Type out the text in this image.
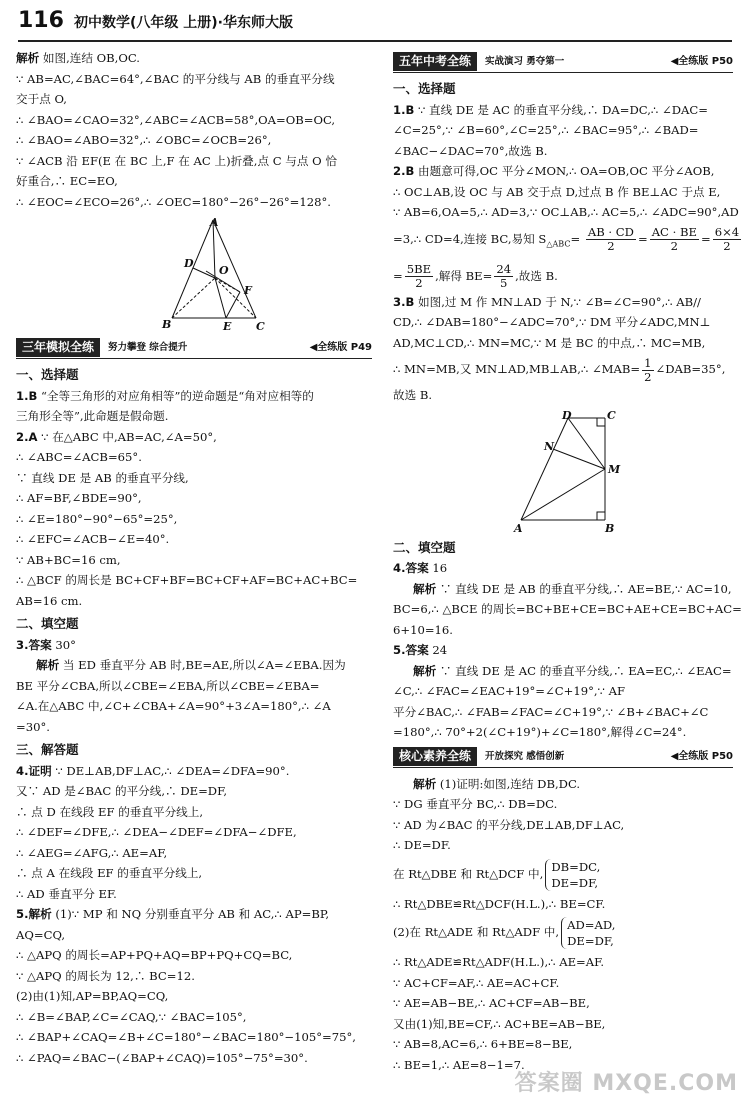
116 初中数学(八年级 上册)·华东师大版
解析 如图,连结 OB,OC.
∵ AB=AC,∠BAC=64°,∠BAC 的平分线与 AB 的垂直平分线
交于点 O,
∴ ∠BAO=∠CAO=32°,∠ABC=∠ACB=58°,OA=OB=OC,
∴ ∠BAO=∠ABO=32°,∴ ∠OBC=∠OCB=26°,
∵ ∠ACB 沿 EF(E 在 BC 上,F 在 AC 上)折叠,点 C 与点 O 恰
好重合,∴ EC=EO,
∴ ∠EOC=∠ECO=26°,∴ ∠OEC=180°−26°−26°=128°.
A
D
O
F
B	E C
三年模拟全练	努力攀登 综合提升	◀全练版 P49
一、选择题
1.B “全等三角形的对应角相等”的逆命题是“角对应相等的
三角形全等”,此命题是假命题.
2.A ∵ 在△ABC 中,AB=AC,∠A=50°,
∴ ∠ABC=∠ACB=65°.
∵ 直线 DE 是 AB 的垂直平分线,
∴ AF=BF,∠BDE=90°,
∴ ∠E=180°−90°−65°=25°,
∴ ∠EFC=∠ACB−∠E=40°.
∵ AB+BC=16 cm,
∴ △BCF 的周长是 BC+CF+BF=BC+CF+AF=BC+AC+BC=
AB=16 cm.
二、填空题
3.答案 30°
解析 当 ED 垂直平分 AB 时,BE=AE,所以∠A=∠EBA.因为
BE 平分∠CBA,所以∠CBE=∠EBA,所以∠CBE=∠EBA=
∠A.在△ABC 中,∠C+∠CBA+∠A=90°+3∠A=180°,∴ ∠A
=30°.
三、解答题
4.证明 ∵ DE⊥AB,DF⊥AC,∴ ∠DEA=∠DFA=90°.
又∵ AD 是∠BAC 的平分线,∴ DE=DF,
∴ 点 D 在线段 EF 的垂直平分线上,
∴ ∠DEF=∠DFE,∴ ∠DEA−∠DEF=∠DFA−∠DFE,
∴ ∠AEG=∠AFG,∴ AE=AF,
∴ 点 A 在线段 EF 的垂直平分线上,
∴ AD 垂直平分 EF.
5.解析 (1)∵ MP 和 NQ 分别垂直平分 AB 和 AC,∴ AP=BP,
AQ=CQ,
∴ △APQ 的周长=AP+PQ+AQ=BP+PQ+CQ=BC,
∵ △APQ 的周长为 12,∴ BC=12.
(2)由(1)知,AP=BP,AQ=CQ,
∴ ∠B=∠BAP,∠C=∠CAQ,∵ ∠BAC=105°,
∴ ∠BAP+∠CAQ=∠B+∠C=180°−∠BAC=180°−105°=75°,
∴ ∠PAQ=∠BAC−(∠BAP+∠CAQ)=105°−75°=30°.
五年中考全练	实战演习 勇夺第一	◀全练版 P50
一、选择题
1.B ∵ 直线 DE 是 AC 的垂直平分线,∴ DA=DC,∴ ∠DAC=
∠C=25°,∵ ∠B=60°,∠C=25°,∴ ∠BAC=95°,∴ ∠BAD=
∠BAC−∠DAC=70°,故选 B.
2.B 由题意可得,OC 平分∠MON,∴ OA=OB,OC 平分∠AOB,
∴ OC⊥AB,设 OC 与 AB 交于点 D,过点 B 作 BE⊥AC 于点 E,
∵ AB=6,OA=5,∴ AD=3,∵ OC⊥AB,∴ AC=5,∴ ∠ADC=90°,AD
=3,∴ CD=4,连接 BC,易知 $S_{\triangle ABC}= \frac{AB \cdot CD}{2} = \frac{AC \cdot BE}{2} = \frac{6\times 4}{2}$
= $\frac{5BE}{2}$ ,解得 $BE= \frac{24}{5}$ ,故选 B.
3.B 如图,过 M 作 MN⊥AD 于 N,∵ ∠B=∠C=90°,∴ AB//
CD,∴ ∠DAB=180°−∠ADC=70°,∵ DM 平分∠ADC,MN⊥
AD,MC⊥CD,∴ MN=MC,∵ M 是 BC 的中点,∴ MC=MB,
∴ MN=MB,又 MN⊥AD,MB⊥AB,∴ ∠MAB= $\frac{1}{2}$ ∠DAB=35°,
故选 B.
D	C
N
M
A	B
二、填空题
4.答案 16
解析 ∵ 直线 DE 是 AB 的垂直平分线,∴ AE=BE,∵ AC=10,
BC=6,∴ △BCE 的周长=BC+BE+CE=BC+AE+CE=BC+AC=
6+10=16.
5.答案 24
解析 ∵ 直线 DE 是 AC 的垂直平分线,∴ EA=EC,∴ ∠EAC=
∠C,∴ ∠FAC=∠EAC+19°=∠C+19°,∵ AF
平分∠BAC,∴ ∠FAB=∠FAC=∠C+19°,∵ ∠B+∠BAC+∠C
=180°,∴ 70°+2(∠C+19°)+∠C=180°,解得∠C=24°.
核心素养全练	开放探究 感悟创新	◀全练版 P50
解析 (1)证明:如图,连结 DB,DC.
∵ DG 垂直平分 BC,∴ DB=DC.
∵ AD 为∠BAC 的平分线,DE⊥AB,DF⊥AC,
∴ DE=DF.
在 Rt△DBE 和 Rt△DCF 中, DB=DC,
DE=DF,
∴ Rt△DBE≌Rt△DCF(H.L.),∴ BE=CF.
(2)在 Rt△ADE 和 Rt△ADF 中, AD=AD,
DE=DF,
∴ Rt△ADE≌Rt△ADF(H.L.),∴ AE=AF.
∵ AC+CF=AF,∴ AE=AC+CF.
∵ AE=AB−BE,∴ AC+CF=AB−BE,
又由(1)知,BE=CF,∴ AC+BE=AB−BE,
∵ AB=8,AC=6,∴ 6+BE=8−BE,
∴ BE=1,∴ AE=8−1=7.
答案圈 MXQE.COM
